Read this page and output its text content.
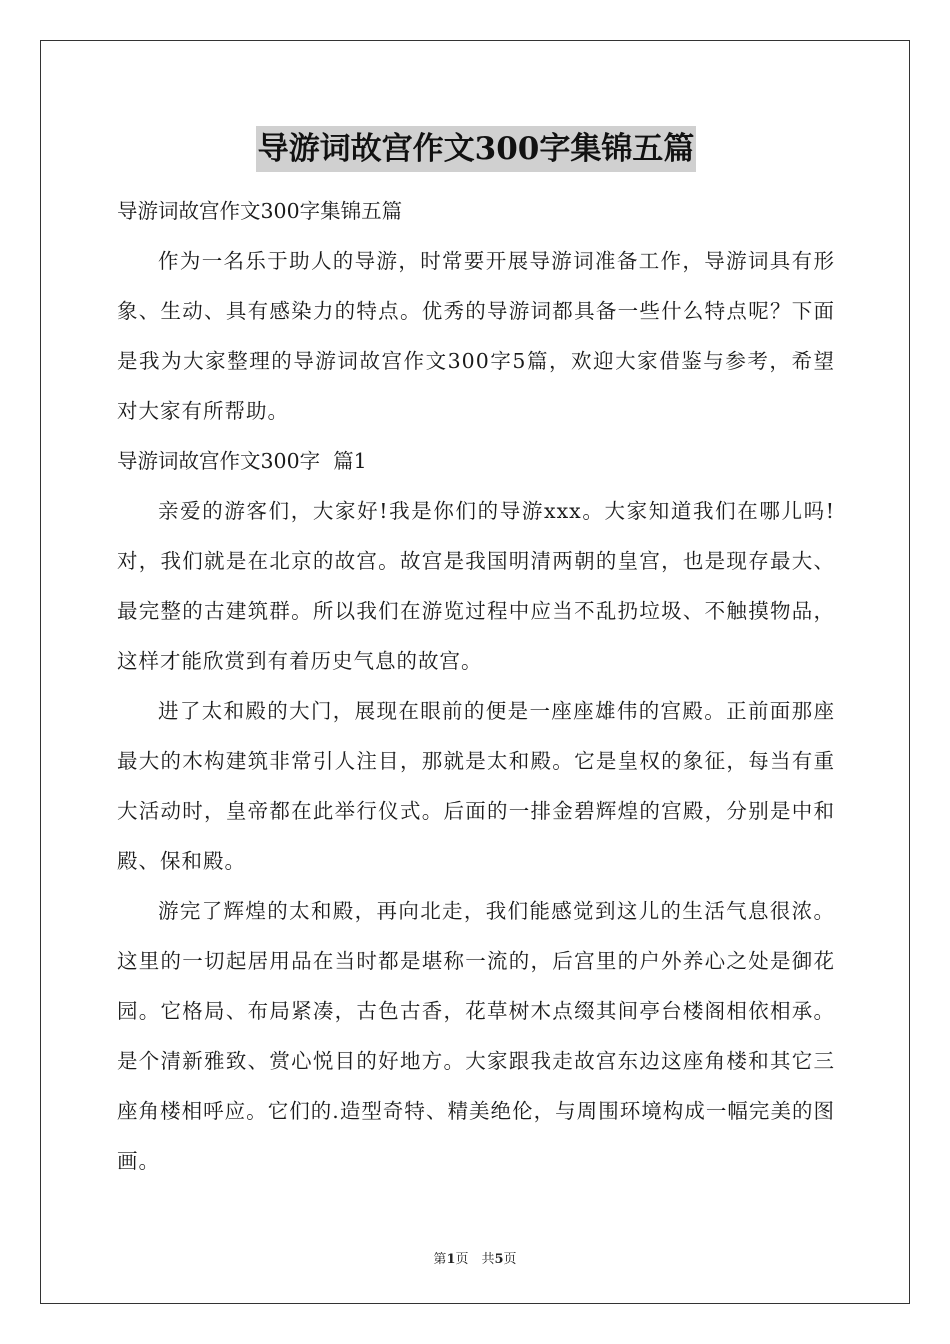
导游词故宫作文300字集锦五篇

导游词故宫作文300字集锦五篇

作为一名乐于助人的导游，时常要开展导游词准备工作，导游词具有形象、生动、具有感染力的特点。优秀的导游词都具备一些什么特点呢？下面是我为大家整理的导游词故宫作文300字5篇，欢迎大家借鉴与参考，希望对大家有所帮助。

导游词故宫作文300字  篇1

亲爱的游客们，大家好!我是你们的导游xxx。大家知道我们在哪儿吗!对，我们就是在北京的故宫。故宫是我国明清两朝的皇宫，也是现存最大、最完整的古建筑群。所以我们在游览过程中应当不乱扔垃圾、不触摸物品，这样才能欣赏到有着历史气息的故宫。

进了太和殿的大门，展现在眼前的便是一座座雄伟的宫殿。正前面那座最大的木构建筑非常引人注目，那就是太和殿。它是皇权的象征，每当有重大活动时，皇帝都在此举行仪式。后面的一排金碧辉煌的宫殿，分别是中和殿、保和殿。

游完了辉煌的太和殿，再向北走，我们能感觉到这儿的生活气息很浓。这里的一切起居用品在当时都是堪称一流的，后宫里的户外养心之处是御花园。它格局、布局紧凑，古色古香，花草树木点缀其间亭台楼阁相依相承。是个清新雅致、赏心悦目的好地方。大家跟我走故宫东边这座角楼和其它三座角楼相呼应。它们的.造型奇特、精美绝伦，与周围环境构成一幅完美的图画。

第1页　共5页
